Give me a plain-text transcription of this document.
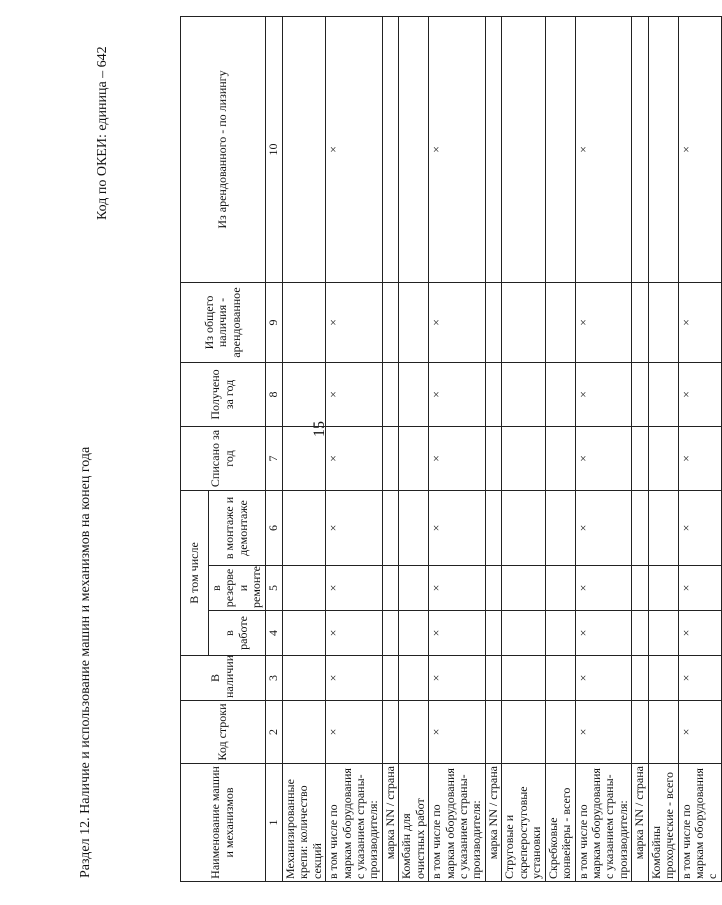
15
Раздел 12. Наличие и использование машин и механизмов на конец года
Код по ОКЕИ: единица – 642
Наименование машин и механизмов	Код строки	В наличии	В том числе			Списано за год	Получено за год	Из общего наличия - арендованное	Из арендованного - по лизингу
			в работе	в резерве и ремонте	в монтаже и демонтаже				

1	2	3	4	5	6	7	8	9	10
Механизированные крепи: количество секций									
в том числе по маркам оборудования с указанием страны-производителя:	×	×	×	×	×	×	×	×	×
марка NN / страна									
Комбайн для очистных работ									
в том числе по маркам оборудования с указанием страны-производителя:	×	×	×	×	×	×	×	×	×
марка NN / страна									
Струговые и скреперостуговые установки									
Скребковые конвейеры - всего									
в том числе по маркам оборудования с указанием страны-производителя:	×	×	×	×	×	×	×	×	×
марка NN / страна									
Комбайны проходческие - всего									
в том числе по маркам оборудования с	×	×	×	×	×	×	×	×	×
